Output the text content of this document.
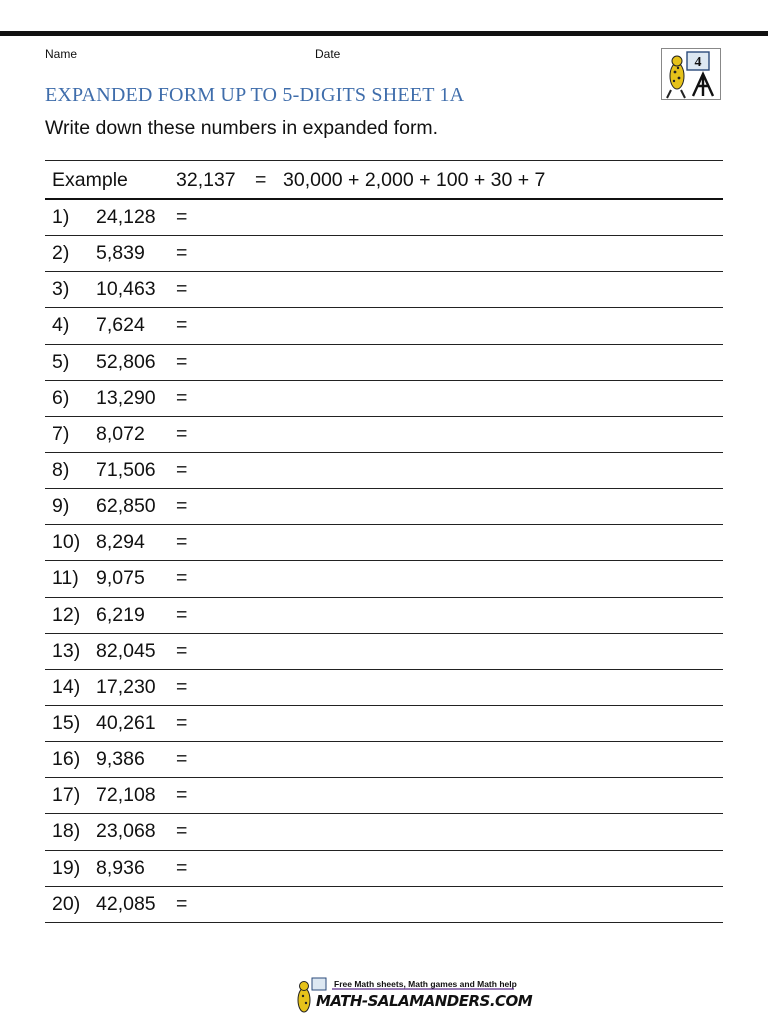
Name	Date
4
EXPANDED FORM UP TO 5-DIGITS SHEET 1A
Write down these numbers in expanded form.
Example 32,137 = 30,000 + 2,000 + 100 + 30 + 7
1) 24,128 =
2) 5,839 =
3) 10,463 =
4) 7,624 =
5) 52,806 =
6) 13,290 =
7) 8,072 =
8) 71,506 =
9) 62,850 =
10) 8,294 =
11) 9,075 =
12) 6,219 =
13) 82,045 =
14) 17,230 =
15) 40,261 =
16) 9,386 =
17) 72,108 =
18) 23,068 =
19) 8,936 =
20) 42,085 =
Free Math sheets, Math games and Math help
MATH-SALAMANDERS.COM
